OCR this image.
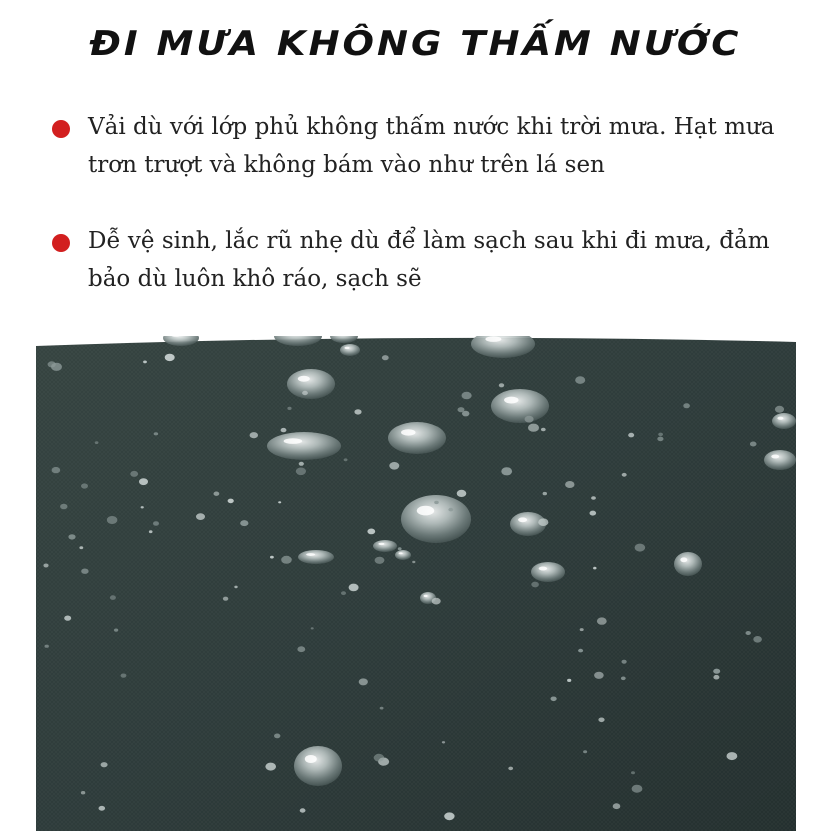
ĐI MƯA KHÔNG THẤM NƯỚC
Vải dù với lớp phủ không thấm nước khi trời mưa. Hạt mưa trơn trượt và không bám vào như trên lá sen
Dễ vệ sinh, lắc rũ nhẹ dù để làm sạch sau khi đi mưa, đảm bảo dù luôn khô ráo, sạch sẽ
